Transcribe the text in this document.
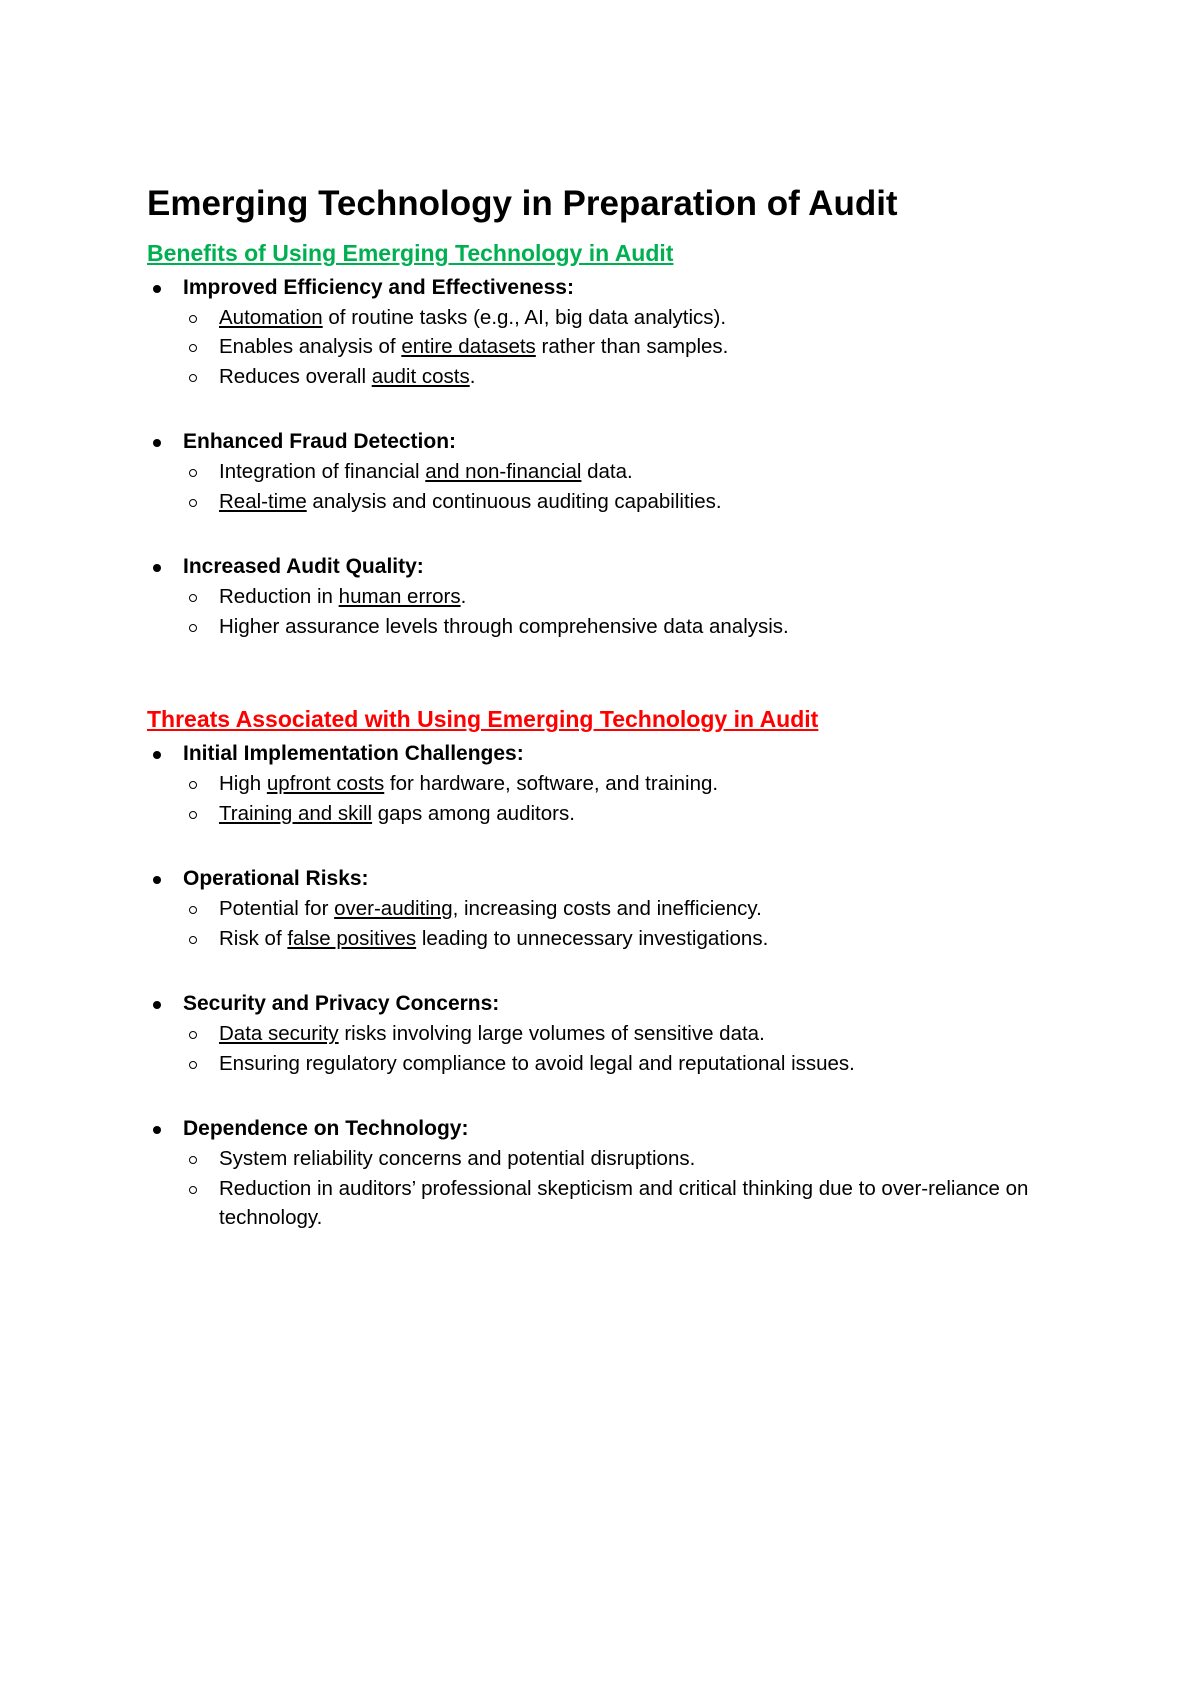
Emerging Technology in Preparation of Audit
Benefits of Using Emerging Technology in Audit
Improved Efficiency and Effectiveness:
Automation of routine tasks (e.g., AI, big data analytics).
Enables analysis of entire datasets rather than samples.
Reduces overall audit costs.
Enhanced Fraud Detection:
Integration of financial and non-financial data.
Real-time analysis and continuous auditing capabilities.
Increased Audit Quality:
Reduction in human errors.
Higher assurance levels through comprehensive data analysis.
Threats Associated with Using Emerging Technology in Audit
Initial Implementation Challenges:
High upfront costs for hardware, software, and training.
Training and skill gaps among auditors.
Operational Risks:
Potential for over-auditing, increasing costs and inefficiency.
Risk of false positives leading to unnecessary investigations.
Security and Privacy Concerns:
Data security risks involving large volumes of sensitive data.
Ensuring regulatory compliance to avoid legal and reputational issues.
Dependence on Technology:
System reliability concerns and potential disruptions.
Reduction in auditors’ professional skepticism and critical thinking due to over-reliance on technology.
